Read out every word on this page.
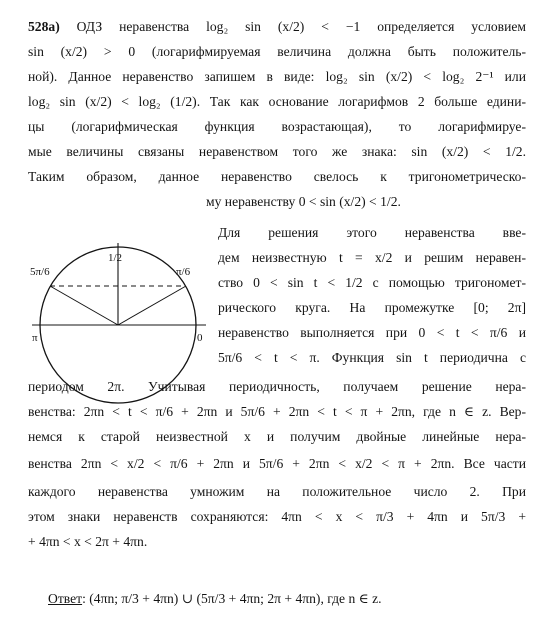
528а) ОДЗ неравенства log₂ sin (x/2) < −1 определяется условием
sin (x/2) > 0 (логарифмируемая величина должна быть положитель-
ной). Данное неравенство запишем в виде: log₂ sin (x/2) < log₂ 2⁻¹ или
log₂ sin (x/2) < log₂ (1/2). Так как основание логарифмов 2 больше едини-
цы (логарифмическая функция возрастающая), то логарифмируе-
мые величины связаны неравенством того же знака: sin (x/2) < 1/2.
Таким образом, данное неравенство свелось к тригонометрическо-
му неравенству 0 < sin (x/2) < 1/2.
Для решения этого неравенства вве-
дем неизвестную t = x/2 и решим неравен-
ство 0 < sin t < 1/2 с помощью тригономет-
рического круга. На промежутке [0; 2π]
неравенство выполняется при 0 < t < π/6 и
5π/6 < t < π. Функция sin t периодична с
периодом 2π. Учитывая периодичность, получаем решение нера-
венства: 2πn < t < π/6 + 2πn и 5π/6 + 2πn < t < π + 2πn, где n ∈ z. Вер-
немся к старой неизвестной x и получим двойные линейные нера-
венства 2πn < x/2 < π/6 + 2πn и 5π/6 + 2πn < x/2 < π + 2πn. Все части
каждого неравенства умножим на положительное число 2. При
этом знаки неравенств сохраняются: 4πn < x < π/3 + 4πn и 5π/3 +
+ 4πn < x < 2π + 4πn.
Ответ: (4πn; π/3 + 4πn) ∪ (5π/3 + 4πn; 2π + 4πn), где n ∈ z.
1/2
5π/6	π/6
π	0
